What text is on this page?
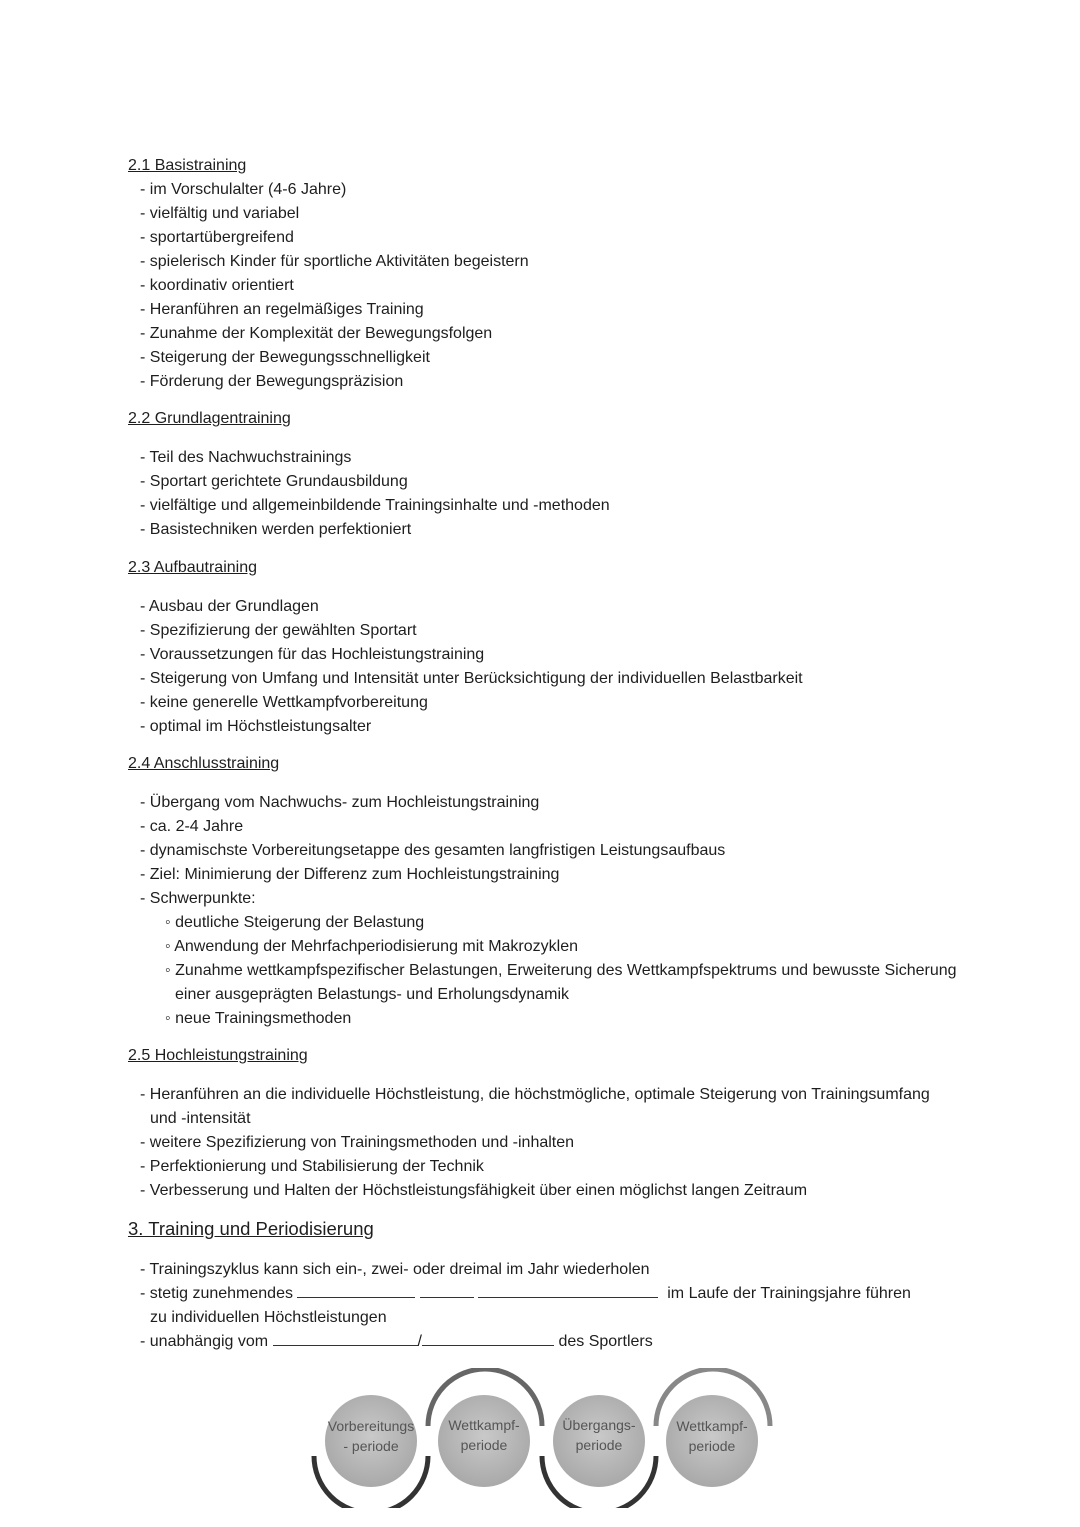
2.1 Basistraining
- im Vorschulalter (4-6 Jahre)
- vielfältig und variabel
- sportartübergreifend
- spielerisch Kinder für sportliche Aktivitäten begeistern
- koordinativ orientiert
- Heranführen an regelmäßiges Training
- Zunahme der Komplexität der Bewegungsfolgen
- Steigerung der Bewegungsschnelligkeit
- Förderung der Bewegungspräzision
2.2 Grundlagentraining
- Teil des Nachwuchstrainings
- Sportart gerichtete Grundausbildung
- vielfältige und allgemeinbildende Trainingsinhalte und -methoden
- Basistechniken werden perfektioniert
2.3 Aufbautraining
- Ausbau der Grundlagen
- Spezifizierung der gewählten Sportart
- Voraussetzungen für das Hochleistungstraining
- Steigerung von Umfang und Intensität unter Berücksichtigung der individuellen Belastbarkeit
- keine generelle Wettkampfvorbereitung
- optimal im Höchstleistungsalter
2.4 Anschlusstraining
- Übergang vom Nachwuchs- zum Hochleistungstraining
- ca. 2-4 Jahre
- dynamischste Vorbereitungsetappe des gesamten langfristigen Leistungsaufbaus
- Ziel: Minimierung der Differenz zum Hochleistungstraining
- Schwerpunkte:
◦ deutliche Steigerung der Belastung
◦ Anwendung der Mehrfachperiodisierung mit Makrozyklen
◦ Zunahme wettkampfspezifischer Belastungen, Erweiterung des Wettkampfspektrums und bewusste Sicherung einer ausgeprägten Belastungs- und Erholungsdynamik
◦ neue Trainingsmethoden
2.5 Hochleistungstraining
- Heranführen an die individuelle Höchstleistung, die höchstmögliche, optimale Steigerung von Trainingsumfang und -intensität
- weitere Spezifizierung von Trainingsmethoden und -inhalten
- Perfektionierung und Stabilisierung der Technik
- Verbesserung und Halten der Höchstleistungsfähigkeit über einen möglichst langen Zeitraum
3. Training und Periodisierung
- Trainingszyklus kann sich ein-, zwei- oder dreimal im Jahr wiederholen
- stetig zunehmendes	im Laufe der Trainingsjahre führen
zu individuellen Höchstleistungen
- unabhängig vom	/	des Sportlers
Vorbereitungs
- periode
Wettkampf-
periode
Übergangs-
periode
Wettkampf-
periode
